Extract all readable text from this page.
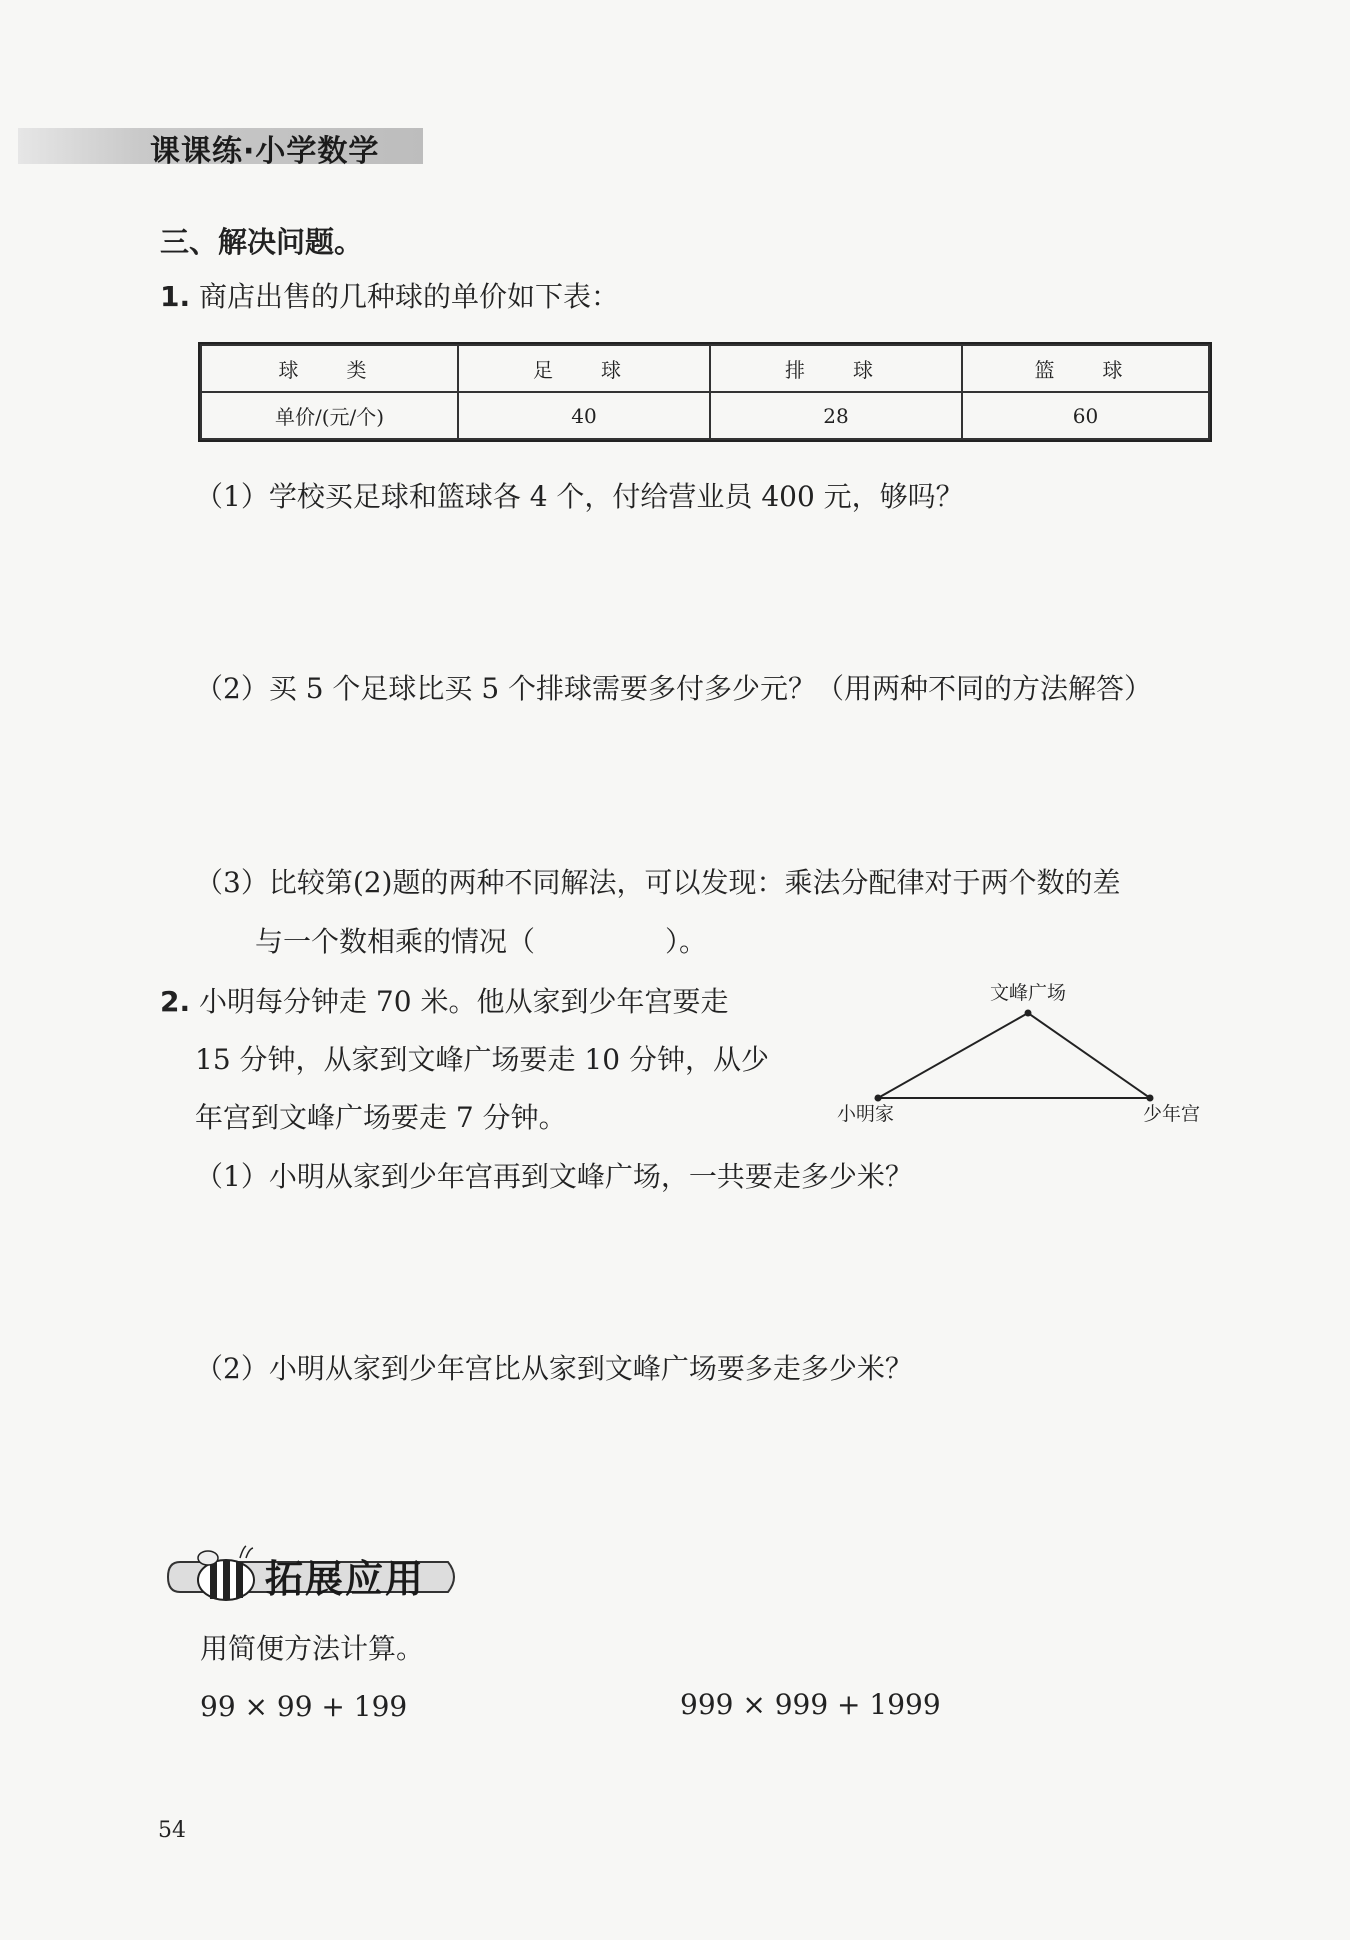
课课练·小学数学
三、解决问题。
1. 商店出售的几种球的单价如下表：
球　类	足　球	排　球	篮　球
单价/(元/个)	40	28	60
（1）学校买足球和篮球各 4 个，付给营业员 400 元，够吗？
（2）买 5 个足球比买 5 个排球需要多付多少元？（用两种不同的方法解答）
（3）比较第(2)题的两种不同解法，可以发现：乘法分配律对于两个数的差
与一个数相乘的情况（	）。
2. 小明每分钟走 70 米。他从家到少年宫要走
15 分钟，从家到文峰广场要走 10 分钟，从少
年宫到文峰广场要走 7 分钟。
文峰广场
小明家	少年宫
（1）小明从家到少年宫再到文峰广场，一共要走多少米？
（2）小明从家到少年宫比从家到文峰广场要多走多少米？
拓展应用
用简便方法计算。
99 × 99 + 199	999 × 999 + 1999
54
